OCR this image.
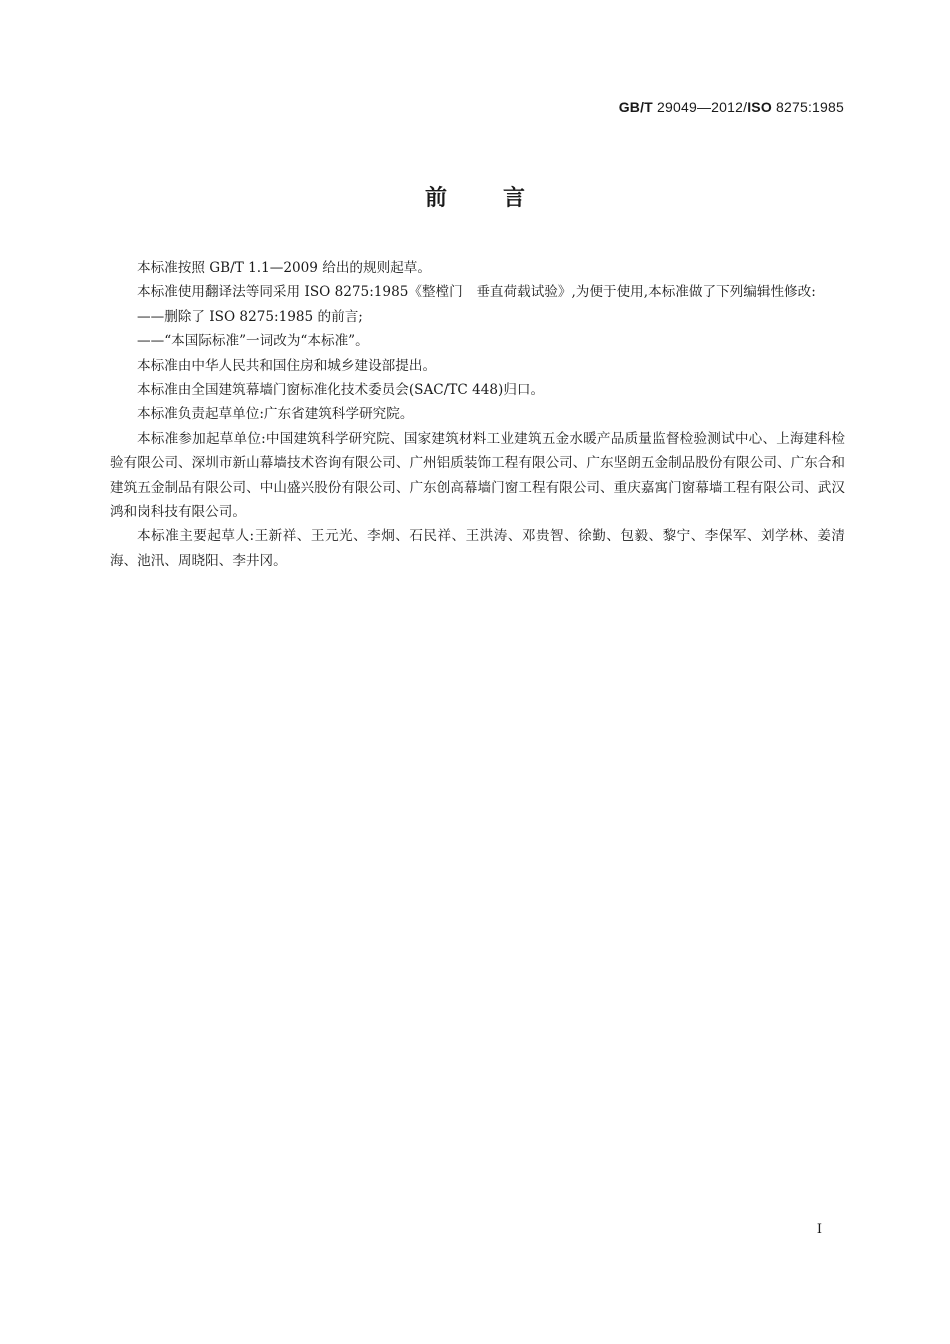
GB/T 29049—2012/ISO 8275:1985
前	言

本标准按照 GB/T 1.1—2009 给出的规则起草。

本标准使用翻译法等同采用 ISO 8275:1985《整樘门　垂直荷载试验》,为便于使用,本标准做了下列编辑性修改:

——删除了 ISO 8275:1985 的前言;

——“本国际标准”一词改为“本标准”。

本标准由中华人民共和国住房和城乡建设部提出。

本标准由全国建筑幕墙门窗标准化技术委员会(SAC/TC 448)归口。

本标准负责起草单位:广东省建筑科学研究院。

本标准参加起草单位:中国建筑科学研究院、国家建筑材料工业建筑五金水暖产品质量监督检验测试中心、上海建科检验有限公司、深圳市新山幕墙技术咨询有限公司、广州铝质装饰工程有限公司、广东坚朗五金制品股份有限公司、广东合和建筑五金制品有限公司、中山盛兴股份有限公司、广东创高幕墙门窗工程有限公司、重庆嘉寓门窗幕墙工程有限公司、武汉鸿和岗科技有限公司。

本标准主要起草人:王新祥、王元光、李炯、石民祥、王洪涛、邓贵智、徐勤、包毅、黎宁、李保军、刘学林、姜清海、池汛、周晓阳、李井冈。

I
